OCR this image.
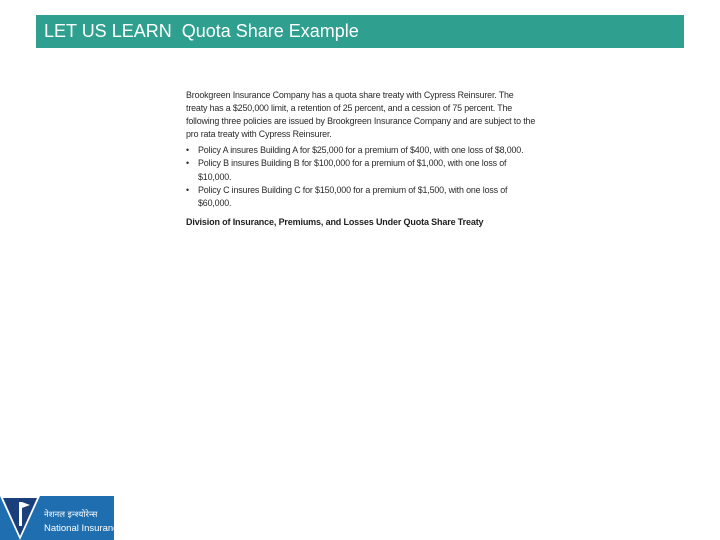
LET US LEARN  Quota Share Example

Brookgreen Insurance Company has a quota share treaty with Cypress Reinsurer. The treaty has a $250,000 limit, a retention of 25 percent, and a cession of 75 percent. The following three policies are issued by Brookgreen Insurance Company and are subject to the pro rata treaty with Cypress Reinsurer.

• Policy A insures Building A for $25,000 for a premium of $400, with one loss of $8,000.
• Policy B insures Building B for $100,000 for a premium of $1,000, with one loss of $10,000.
• Policy C insures Building C for $150,000 for a premium of $1,500, with one loss of $60,000.

Division of Insurance, Premiums, and Losses Under Quota Share Treaty

नेशनल इन्श्योरेन्स
National Insurance
